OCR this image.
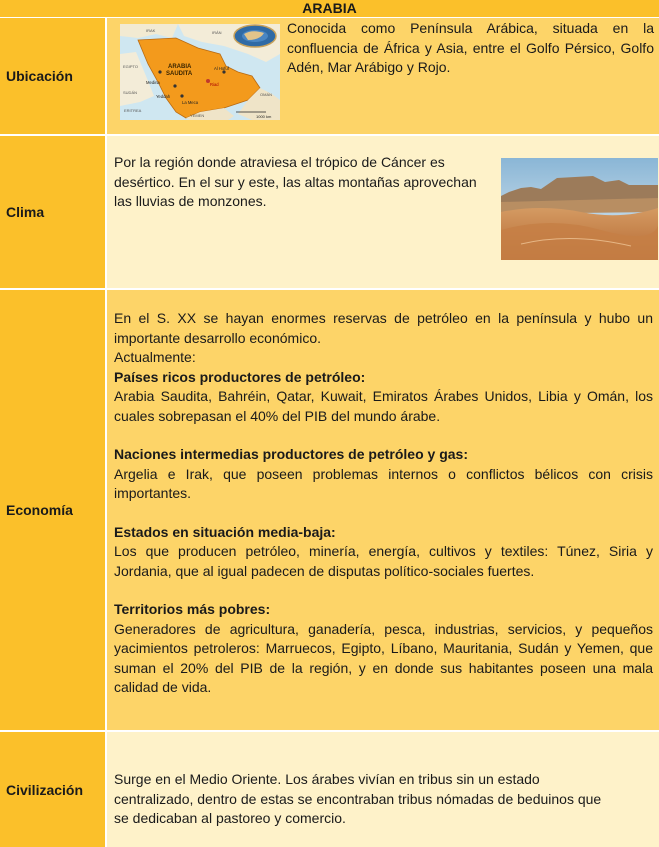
ARABIA
Ubicación
ARABIA
SAUDITA
Medina	Riad
Yeddah
La Meca
Al Hofuf
IRAK	IRÁN
EGIPTO
SUDÁN
ERITREA
YEMEN
OMÁN
1000 km

Conocida como Península Arábica, situada en la confluencia de África y Asia, entre el Golfo Pérsico, Golfo Adén, Mar Arábigo y Rojo.

Clima

Por la región donde atraviesa el trópico de Cáncer es desértico. En el sur y este, las altas montañas aprovechan las lluvias de monzones.

Economía

En el S. XX se hayan enormes reservas de petróleo en la península y hubo un importante desarrollo económico.

Actualmente:

Países ricos productores de petróleo:

Arabia Saudita, Bahréin, Qatar, Kuwait, Emiratos Árabes Unidos, Libia y Omán, los cuales sobrepasan el 40% del PIB del mundo árabe.

Naciones intermedias productores de petróleo y gas:

Argelia e Irak, que poseen problemas internos o conflictos bélicos con crisis importantes.

Estados en situación media-baja:

Los que producen petróleo, minería, energía, cultivos y textiles: Túnez, Siria y Jordania, que al igual padecen de disputas político-sociales fuertes.

Territorios más pobres:

Generadores de agricultura, ganadería, pesca, industrias, servicios, y pequeños yacimientos petroleros: Marruecos, Egipto, Líbano, Mauritania, Sudán y Yemen, que suman el 20% del PIB de la región, y en donde sus habitantes poseen una mala calidad de vida.

Civilización

Surge en el Medio Oriente. Los árabes vivían en tribus sin un estado centralizado, dentro de estas se encontraban tribus nómadas de beduinos que se dedicaban al pastoreo y comercio.
